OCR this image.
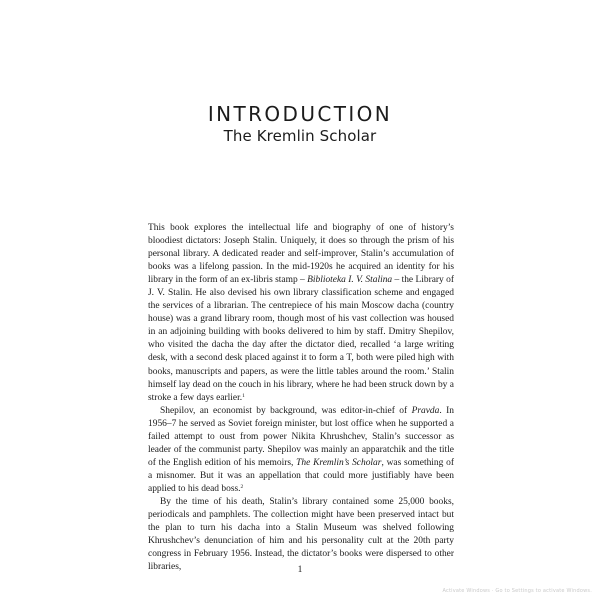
INTRODUCTION
The Kremlin Scholar

This book explores the intellectual life and biography of one of history’s bloodiest dictators: Joseph Stalin. Uniquely, it does so through the prism of his personal library. A dedicated reader and self-improver, Stalin’s accumulation of books was a lifelong passion. In the mid-1920s he acquired an identity for his library in the form of an ex-libris stamp – Biblioteka I. V. Stalina – the Library of J. V. Stalin. He also devised his own library classification scheme and engaged the services of a librarian. The centrepiece of his main Moscow dacha (country house) was a grand library room, though most of his vast collection was housed in an adjoining building with books delivered to him by staff. Dmitry Shepilov, who visited the dacha the day after the dictator died, recalled ‘a large writing desk, with a second desk placed against it to form a T, both were piled high with books, manuscripts and papers, as were the little tables around the room.’ Stalin himself lay dead on the couch in his library, where he had been struck down by a stroke a few days earlier.$^1$

Shepilov, an economist by background, was editor-in-chief of Pravda. In 1956–7 he served as Soviet foreign minister, but lost office when he supported a failed attempt to oust from power Nikita Khrushchev, Stalin’s successor as leader of the communist party. Shepilov was mainly an apparatchik and the title of the English edition of his memoirs, The Kremlin’s Scholar, was something of a misnomer. But it was an appellation that could more justifiably have been applied to his dead boss.$^2$

By the time of his death, Stalin’s library contained some 25,000 books, periodicals and pamphlets. The collection might have been preserved intact but the plan to turn his dacha into a Stalin Museum was shelved following Khrushchev’s denunciation of him and his personality cult at the 20th party congress in February 1956. Instead, the dictator’s books were dispersed to other libraries,	1
Activate Windows · Go to Settings to activate Windows.
